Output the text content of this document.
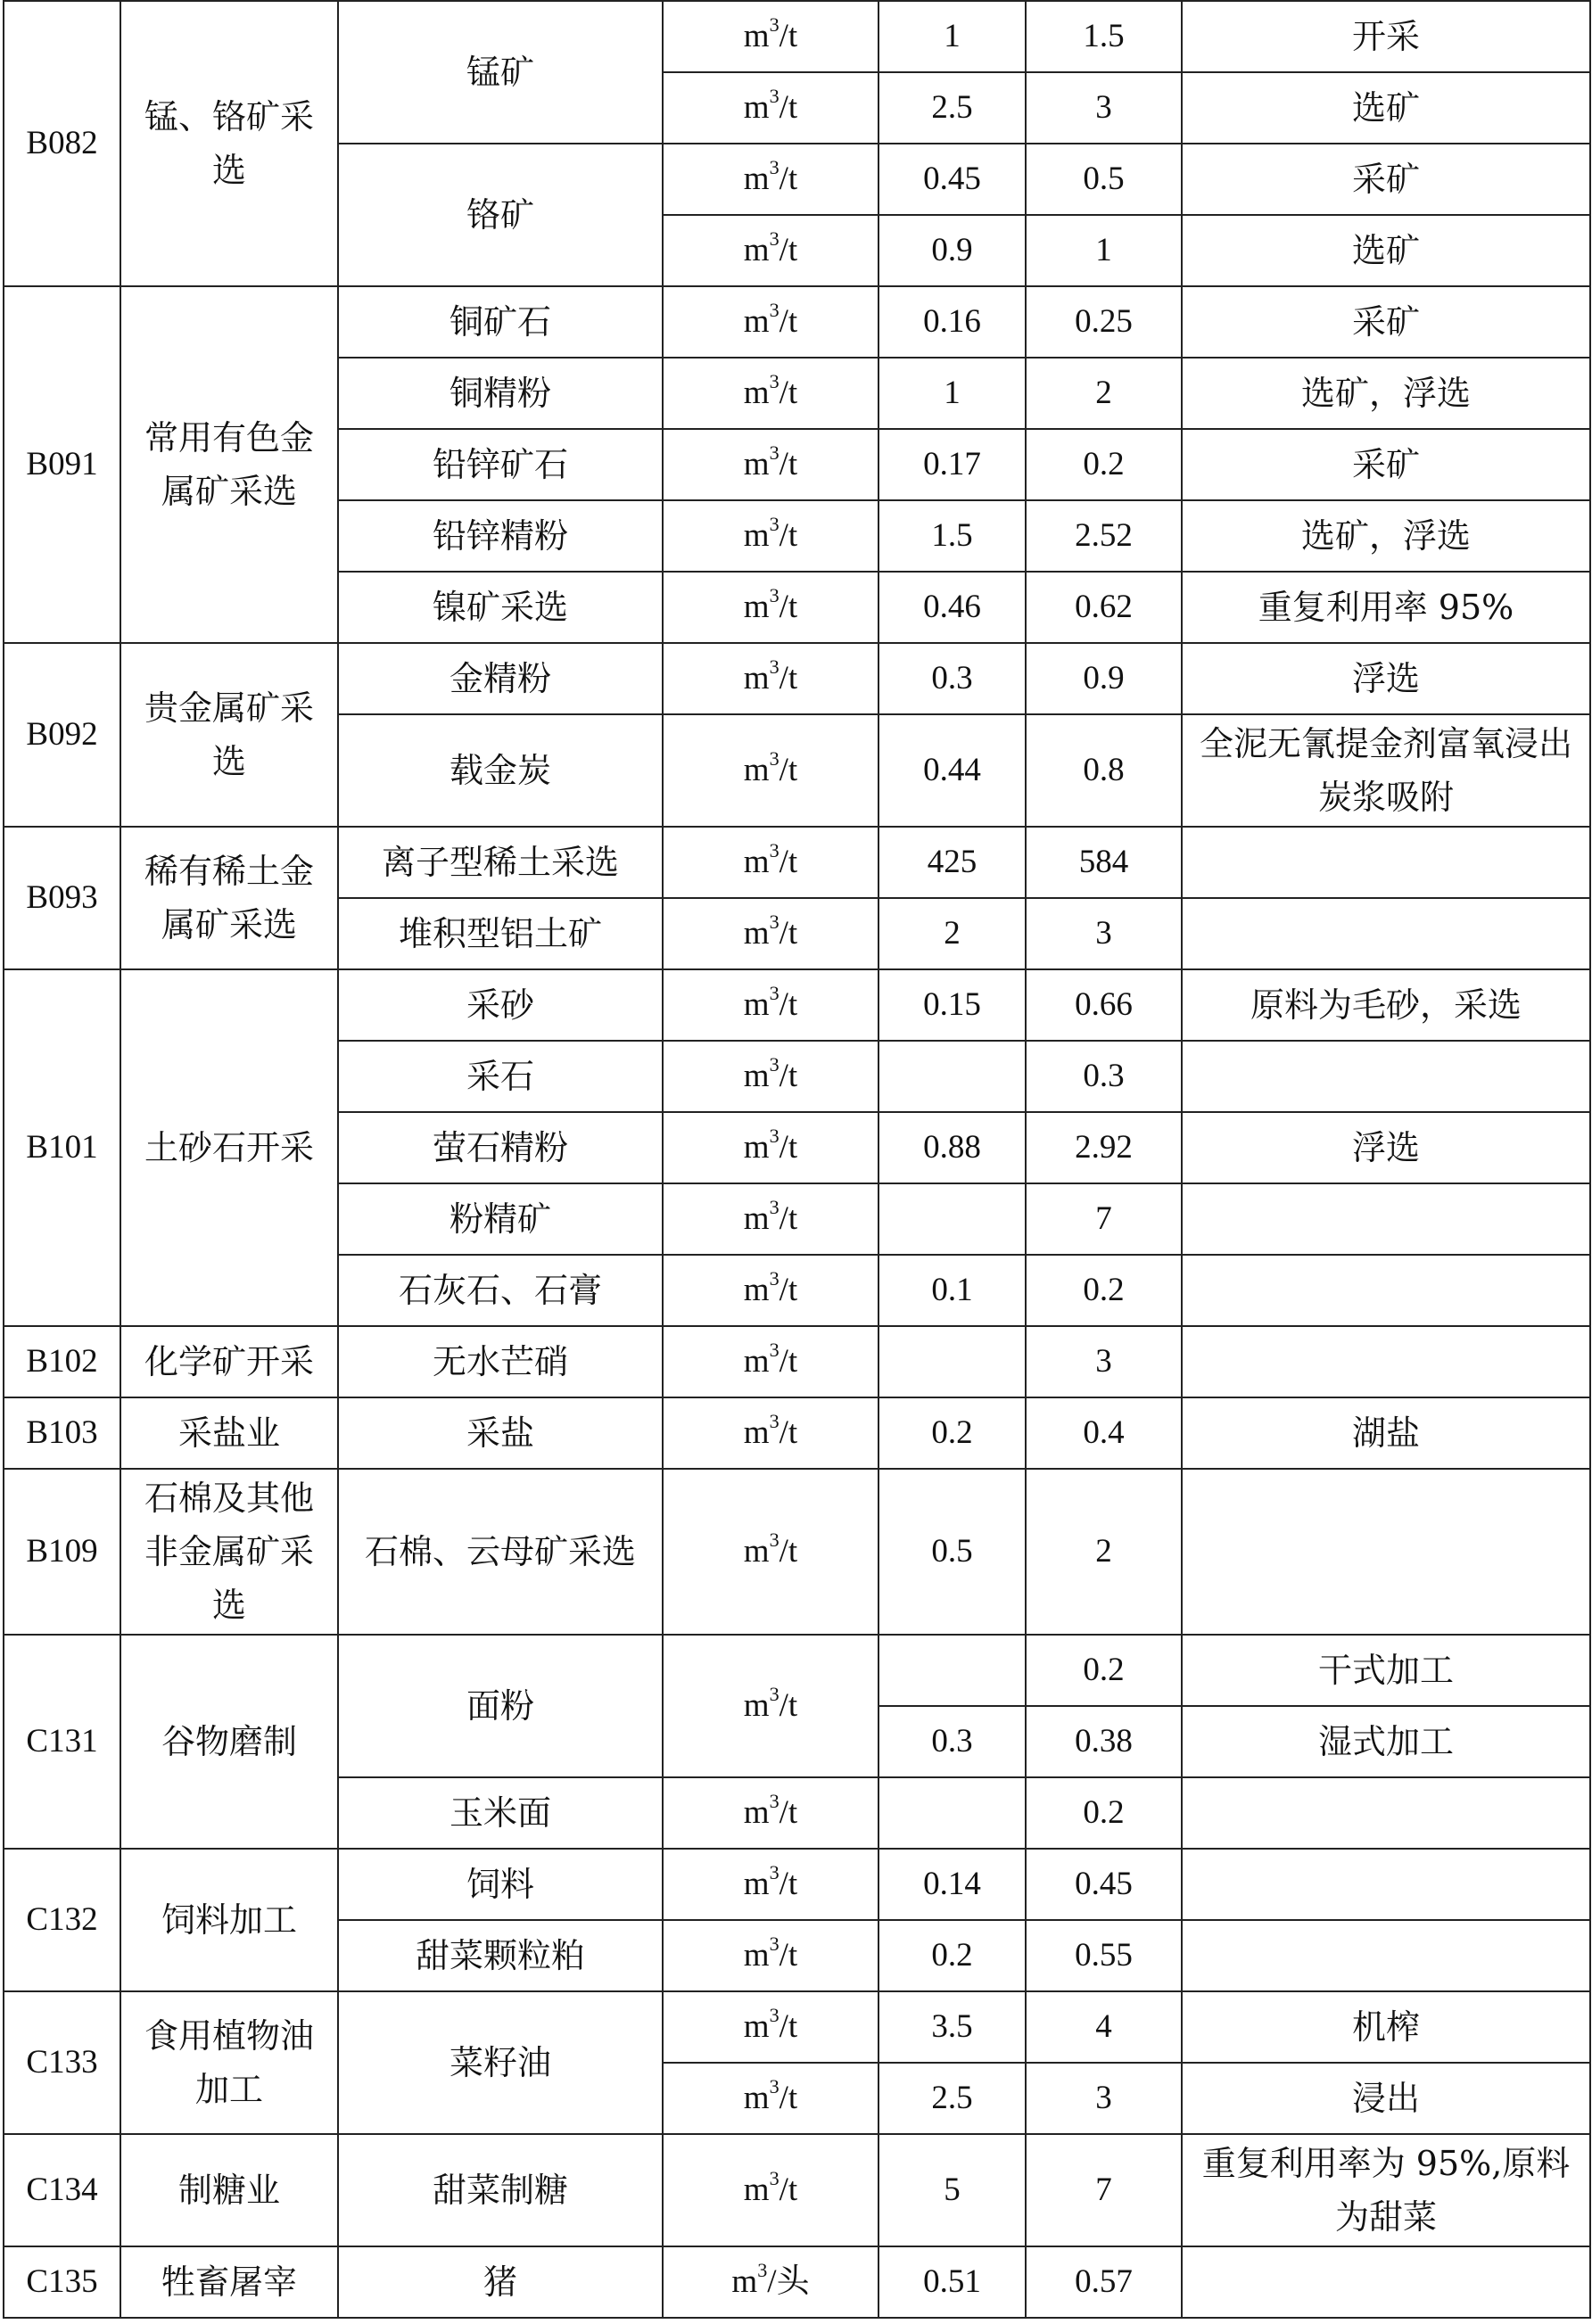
B082	锰、铬矿采选	锰矿	$m^3/t$	1	1.5	开采
			$m^3/t$	2.5	3	选矿
		铬矿	$m^3/t$	0.45	0.5	采矿
			$m^3/t$	0.9	1	选矿
B091	常用有色金属矿采选	铜矿石	$m^3/t$	0.16	0.25	采矿
		铜精粉	$m^3/t$	1	2	选矿，浮选
		铅锌矿石	$m^3/t$	0.17	0.2	采矿
		铅锌精粉	$m^3/t$	1.5	2.52	选矿，浮选
		镍矿采选	$m^3/t$	0.46	0.62	重复利用率 95%
B092	贵金属矿采选	金精粉	$m^3/t$	0.3	0.9	浮选
		载金炭	$m^3/t$	0.44	0.8	全泥无氰提金剂富氧浸出炭浆吸附
B093	稀有稀土金属矿采选	离子型稀土采选	$m^3/t$	425	584	
		堆积型铝土矿	$m^3/t$	2	3	
B101	土砂石开采	采砂	$m^3/t$	0.15	0.66	原料为毛砂，采选
		采石	$m^3/t$		0.3	
		萤石精粉	$m^3/t$	0.88	2.92	浮选
		粉精矿	$m^3/t$		7	
		石灰石、石膏	$m^3/t$	0.1	0.2	
B102	化学矿开采	无水芒硝	$m^3/t$		3	
B103	采盐业	采盐	$m^3/t$	0.2	0.4	湖盐
B109	石棉及其他非金属矿采选	石棉、云母矿采选	$m^3/t$	0.5	2	
C131	谷物磨制	面粉	$m^3/t$		0.2	干式加工
				0.3	0.38	湿式加工
		玉米面	$m^3/t$		0.2	
C132	饲料加工	饲料	$m^3/t$	0.14	0.45	
		甜菜颗粒粕	$m^3/t$	0.2	0.55	
C133	食用植物油加工	菜籽油	$m^3/t$	3.5	4	机榨
			$m^3/t$	2.5	3	浸出
C134	制糖业	甜菜制糖	$m^3/t$	5	7	重复利用率为 95%,原料为甜菜
C135	牲畜屠宰	猪	$m^3/$头	0.51	0.57	
